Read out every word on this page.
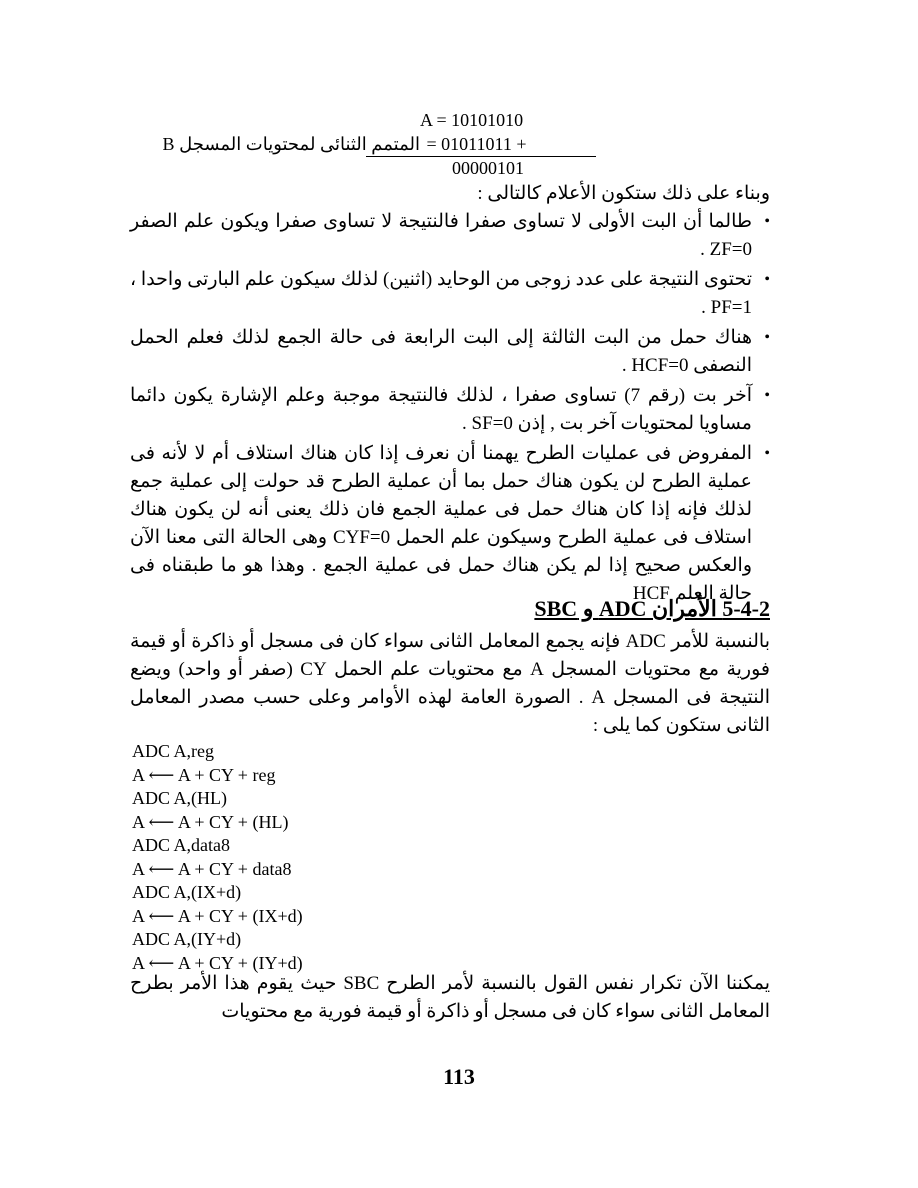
A = 10101010
المتمم الثنائى لمحتويات المسجل B = 01011011 +
00000101
وبناء على ذلك ستكون الأعلام كالتالى :
• طالما أن البت الأولى لا تساوى صفرا فالنتيجة لا تساوى صفرا ويكون علم الصفر ZF=0 .
• تحتوى النتيجة على عدد زوجى من الوحايد (اثنين) لذلك سيكون علم البارتى واحدا ، PF=1 .
• هناك حمل من البت الثالثة إلى البت الرابعة فى حالة الجمع لذلك فعلم الحمل النصفى HCF=0 .
• آخر بت (رقم 7) تساوى صفرا ، لذلك فالنتيجة موجبة وعلم الإشارة يكون دائما مساويا لمحتويات آخر بت , إذن SF=0 .
• المفروض فى عمليات الطرح يهمنا أن نعرف إذا كان هناك استلاف أم لا لأنه فى عملية الطرح لن يكون هناك حمل بما أن عملية الطرح قد حولت إلى عملية جمع لذلك فإنه إذا كان هناك حمل فى عملية الجمع فان ذلك يعنى أنه لن يكون هناك استلاف فى عملية الطرح وسيكون علم الحمل CYF=0 وهى الحالة التى معنا الآن والعكس صحيح إذا لم يكن هناك حمل فى عملية الجمع . وهذا هو ما طبقناه فى حالة العلم HCF
5-4-2 الأمران ADC و SBC
بالنسبة للأمر ADC فإنه يجمع المعامل الثانى سواء كان فى مسجل أو ذاكرة أو قيمة فورية مع محتويات المسجل A مع محتويات علم الحمل CY (صفر أو واحد) ويضع النتيجة فى المسجل A . الصورة العامة لهذه الأوامر وعلى حسب مصدر المعامل الثانى ستكون كما يلى :
ADC A,reg
A ⟵ A + CY + reg
ADC A,(HL)
A ⟵ A + CY + (HL)
ADC A,data8
A ⟵ A + CY + data8
ADC A,(IX+d)
A ⟵ A + CY + (IX+d)
ADC A,(IY+d)
A ⟵ A + CY + (IY+d)
يمكننا الآن تكرار نفس القول بالنسبة لأمر الطرح SBC حيث يقوم هذا الأمر بطرح المعامل الثانى سواء كان فى مسجل أو ذاكرة أو قيمة فورية مع محتويات
113
